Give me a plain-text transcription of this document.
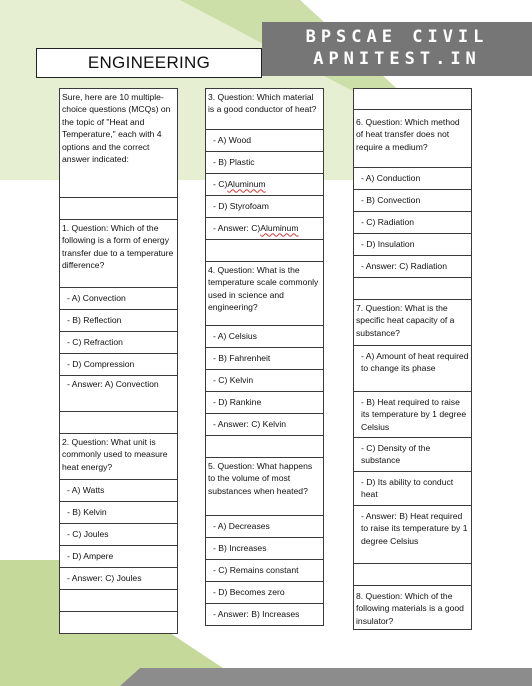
BPSCAE CIVIL
APNITEST.IN
ENGINEERING
Sure, here are 10 multiple-choice questions (MCQs) on the topic of "Heat and Temperature," each with 4 options and the correct answer indicated:
1. Question: Which of the following is a form of energy transfer due to a temperature difference?
- A) Convection
- B) Reflection
- C) Refraction
- D) Compression
- Answer: A) Convection
2. Question: What unit is commonly used to measure heat energy?
- A) Watts
- B) Kelvin
- C) Joules
- D) Ampere
- Answer: C) Joules
3. Question: Which material is a good conductor of heat?
- A) Wood
- B) Plastic
- C) Aluminum
- D) Styrofoam
- Answer: C) Aluminum
4. Question: What is the temperature scale commonly used in science and engineering?
- A) Celsius
- B) Fahrenheit
- C) Kelvin
- D) Rankine
- Answer: C) Kelvin
5. Question: What happens to the volume of most substances when heated?
- A) Decreases
- B) Increases
- C) Remains constant
- D) Becomes zero
- Answer: B) Increases
6. Question: Which method of heat transfer does not require a medium?
- A) Conduction
- B) Convection
- C) Radiation
- D) Insulation
- Answer: C) Radiation
7. Question: What is the specific heat capacity of a substance?
- A) Amount of heat required to change its phase
- B) Heat required to raise its temperature by 1 degree Celsius
- C) Density of the substance
- D) Its ability to conduct heat
- Answer: B) Heat required to raise its temperature by 1 degree Celsius
8. Question: Which of the following materials is a good insulator?
